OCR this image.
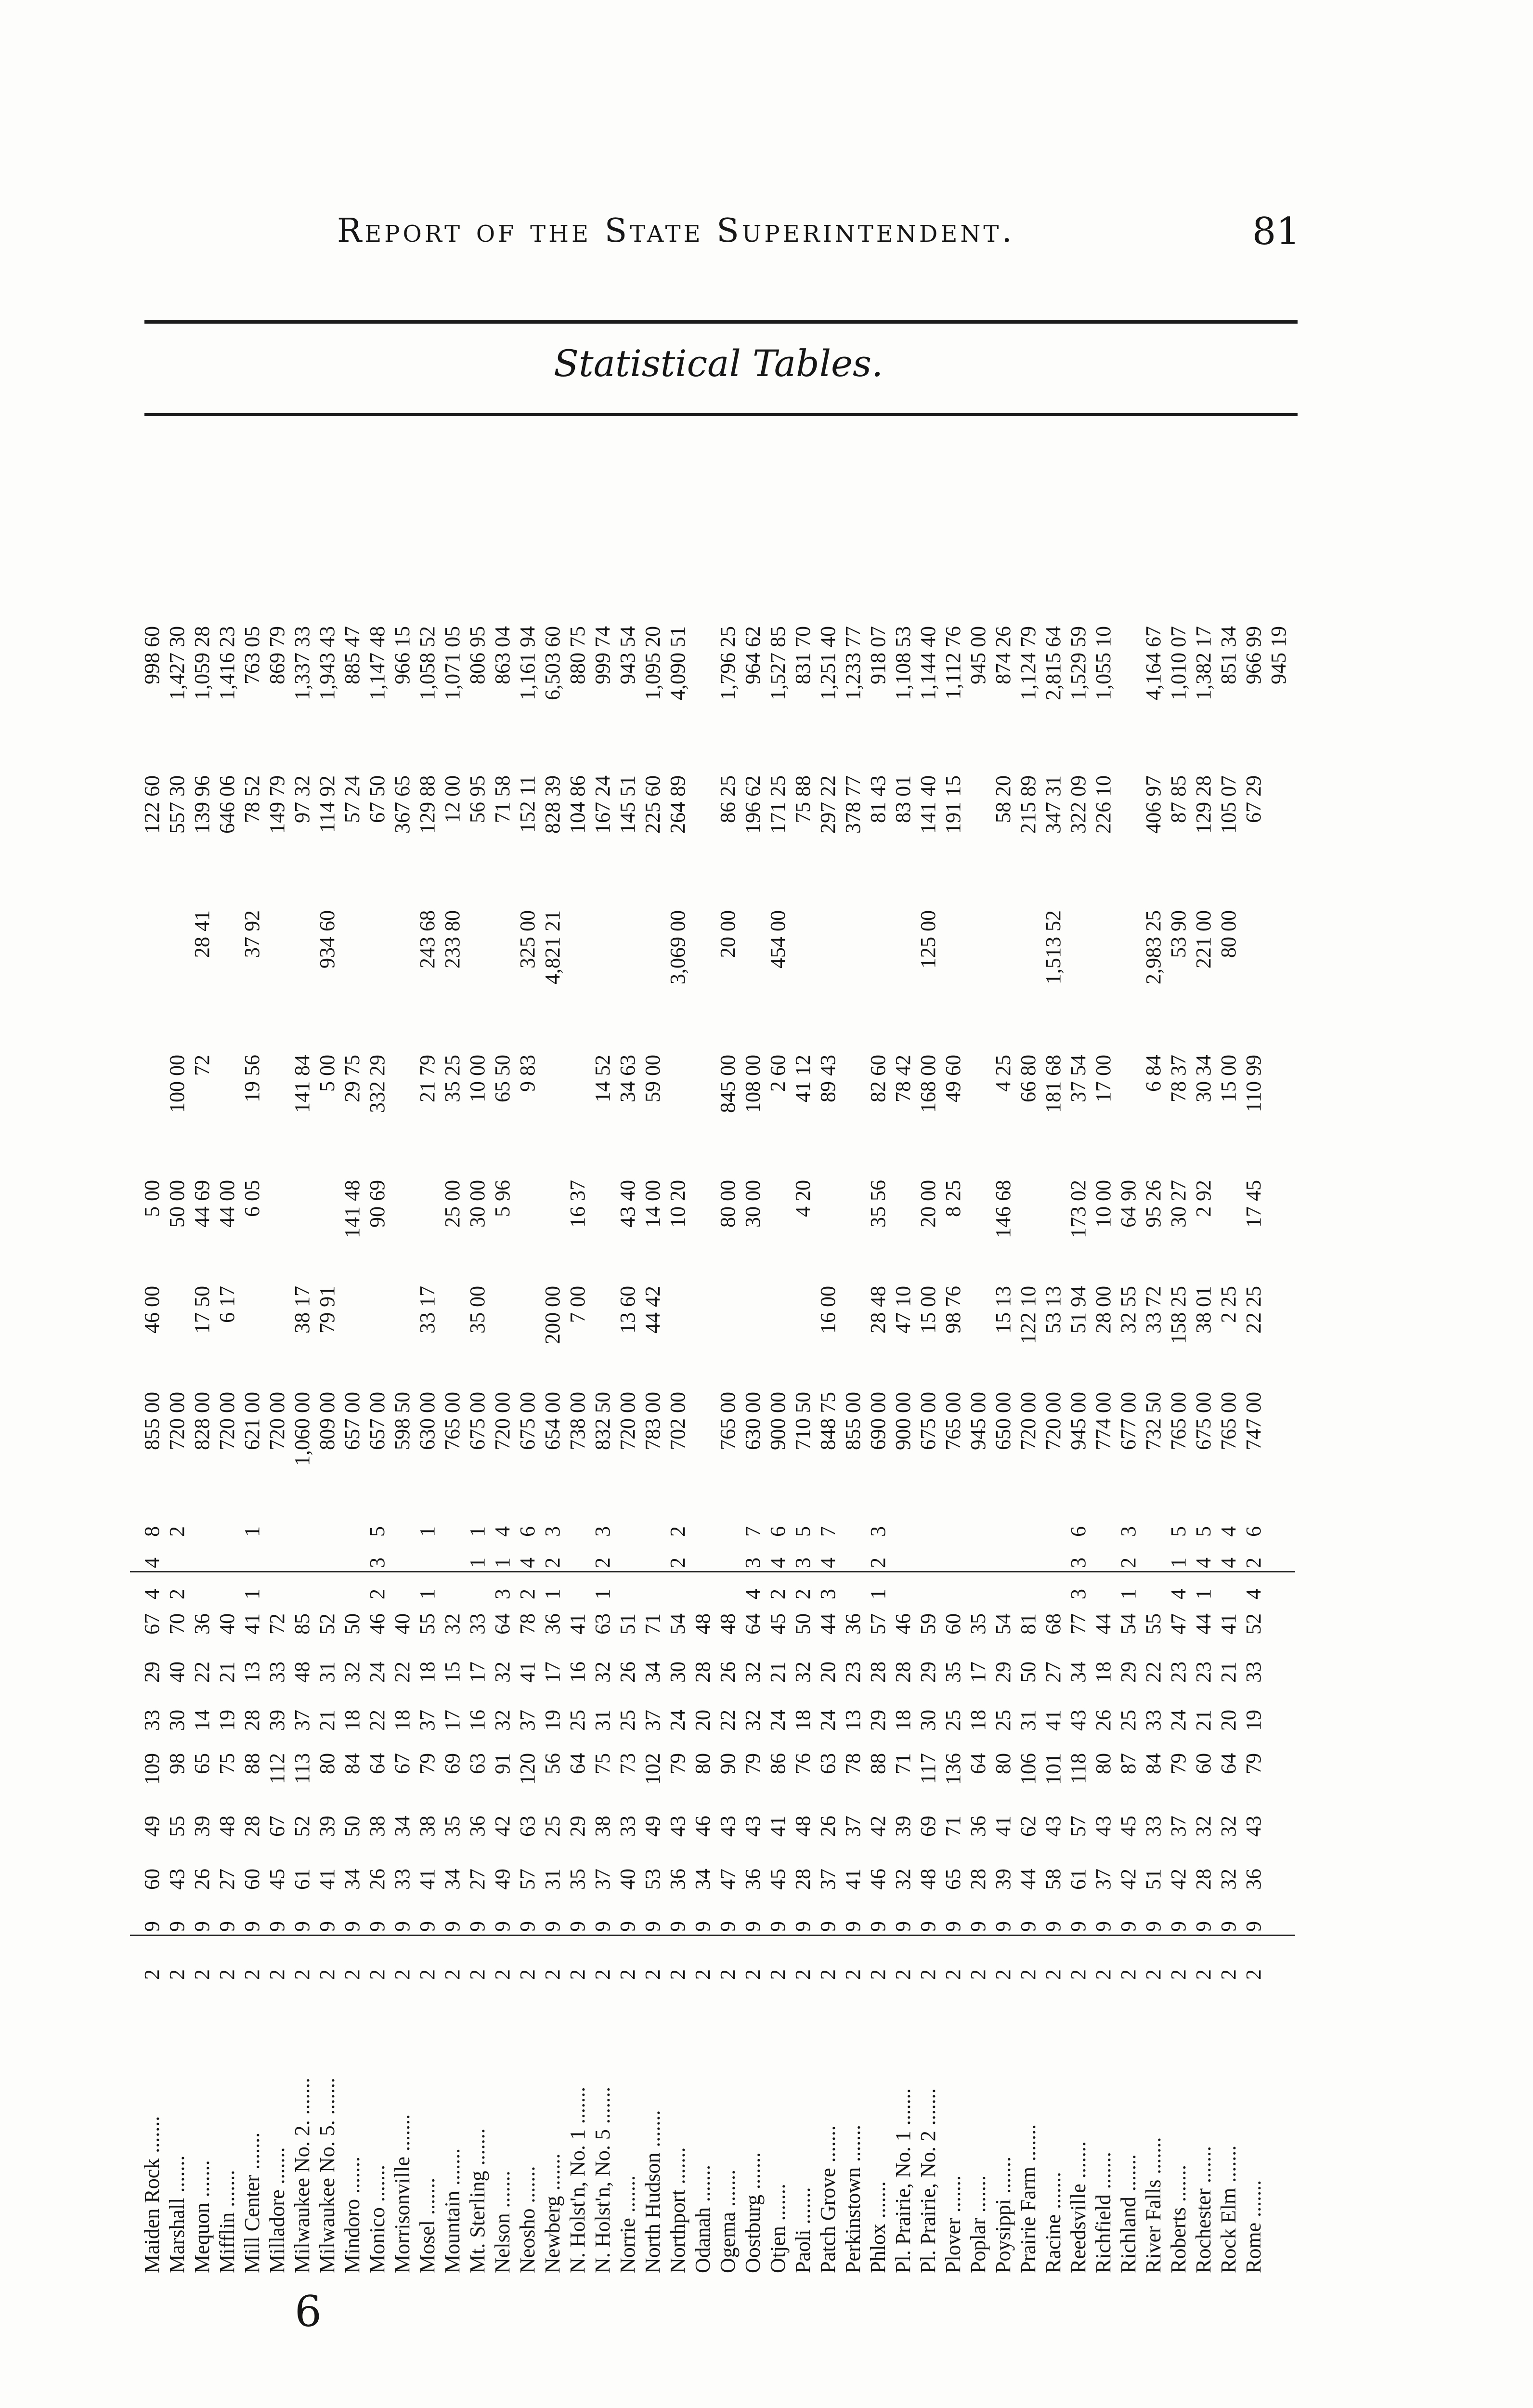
Report of the State Superintendent.	81
Statistical Tables.
Maiden Rock .......
2
9
60
49
109
33
29
67
4
4
8
855 00
46 00
5 00
122 60
998 60
Marshall .......
2
9
43
55
98
30
40
70
2
2
720 00
50 00
100 00
557 30
1,427 30
Mequon .......
2
9
26
39
65
14
22
36
828 00
17 50
44 69
72
28 41
139 96
1,059 28
Mifflin .......
2
9
27
48
75
19
21
40
720 00
6 17
44 00
646 06
1,416 23
Mill Center .......
2
9
60
28
88
28
13
41
1
1
621 00
6 05
19 56
37 92
78 52
763 05
Milladore .......
2
9
45
67
112
39
33
72
720 00
149 79
869 79
Milwaukee No. 2. .......
2
9
61
52
113
37
48
85
1,060 00
38 17
141 84
97 32
1,337 33
Milwaukee No. 5. .......
2
9
41
39
80
21
31
52
809 00
79 91
5 00
934 60
114 92
1,943 43
Mindoro .......
2
9
34
50
84
18
32
50
657 00
141 48
29 75
57 24
885 47
Monico .......
2
9
26
38
64
22
24
46
2
3
5
657 00
90 69
332 29
67 50
1,147 48
Morrisonville .......
2
9
33
34
67
18
22
40
598 50
367 65
966 15
Mosel .......
2
9
41
38
79
37
18
55
1
1
630 00
33 17
21 79
243 68
129 88
1,058 52
Mountain .......
2
9
34
35
69
17
15
32
765 00
25 00
35 25
233 80
12 00
1,071 05
Mt. Sterling .......
2
9
27
36
63
16
17
33
1
1
675 00
35 00
30 00
10 00
56 95
806 95
Nelson .......
2
9
49
42
91
32
32
64
3
1
4
720 00
5 96
65 50
71 58
863 04
Neosho .......
2
9
57
63
120
37
41
78
2
4
6
675 00
9 83
325 00
152 11
1,161 94
Newberg .......
2
9
31
25
56
19
17
36
1
2
3
654 00
200 00
4,821 21
828 39
6,503 60
N. Holst'n, No. 1 .......
2
9
35
29
64
25
16
41
738 00
7 00
16 37
104 86
880 75
N. Holst'n, No. 5 .......
2
9
37
38
75
31
32
63
1
2
3
832 50
14 52
167 24
999 74
Norrie .......
2
9
40
33
73
25
26
51
720 00
13 60
43 40
34 63
145 51
943 54
North Hudson .......
2
9
53
49
102
37
34
71
783 00
44 42
14 00
59 00
225 60
1,095 20
Northport .......
2
9
36
43
79
24
30
54
2
2
702 00
10 20
3,069 00
264 89
4,090 51
Odanah .......
2
9
34
46
80
20
28
48
Ogema .......
2
9
47
43
90
22
26
48
765 00
80 00
845 00
20 00
86 25
1,796 25
Oostburg .......
2
9
36
43
79
32
32
64
4
3
7
630 00
30 00
108 00
196 62
964 62
Otjen .......
2
9
45
41
86
24
21
45
2
4
6
900 00
2 60
454 00
171 25
1,527 85
Paoli .......
2
9
28
48
76
18
32
50
2
3
5
710 50
4 20
41 12
75 88
831 70
Patch Grove .......
2
9
37
26
63
24
20
44
3
4
7
848 75
16 00
89 43
297 22
1,251 40
Perkinstown .......
2
9
41
37
78
13
23
36
855 00
378 77
1,233 77
Phlox .......
2
9
46
42
88
29
28
57
1
2
3
690 00
28 48
35 56
82 60
81 43
918 07
Pl. Prairie, No. 1 .......
2
9
32
39
71
18
28
46
900 00
47 10
78 42
83 01
1,108 53
Pl. Prairie, No. 2 .......
2
9
48
69
117
30
29
59
675 00
15 00
20 00
168 00
125 00
141 40
1,144 40
Plover .......
2
9
65
71
136
25
35
60
765 00
98 76
8 25
49 60
191 15
1,112 76
Poplar .......
2
9
28
36
64
18
17
35
945 00
945 00
Poysippi .......
2
9
39
41
80
25
29
54
650 00
15 13
146 68
4 25
58 20
874 26
Prairie Farm .......
2
9
44
62
106
31
50
81
720 00
122 10
66 80
215 89
1,124 79
Racine .......
2
9
58
43
101
41
27
68
720 00
53 13
181 68
1,513 52
347 31
2,815 64
Reedsville .......
2
9
61
57
118
43
34
77
3
3
6
945 00
51 94
173 02
37 54
322 09
1,529 59
Richfield .......
2
9
37
43
80
26
18
44
774 00
28 00
10 00
17 00
226 10
1,055 10
Richland .......
2
9
42
45
87
25
29
54
1
2
3
677 00
32 55
64 90
River Falls .......
2
9
51
33
84
33
22
55
732 50
33 72
95 26
6 84
2,983 25
406 97
4,164 67
Roberts .......
2
9
42
37
79
24
23
47
4
1
5
765 00
158 25
30 27
78 37
53 90
87 85
1,010 07
Rochester .......
2
9
28
32
60
21
23
44
1
4
5
675 00
38 01
2 92
30 34
221 00
129 28
1,382 17
Rock Elm .......
2
9
32
32
64
20
21
41
4
4
765 00
2 25
15 00
80 00
105 07
851 34
Rome .......
2
9
36
43
79
19
33
52
4
2
6
747 00
22 25
17 45
110 99
67 29
966 99 945 19
6
